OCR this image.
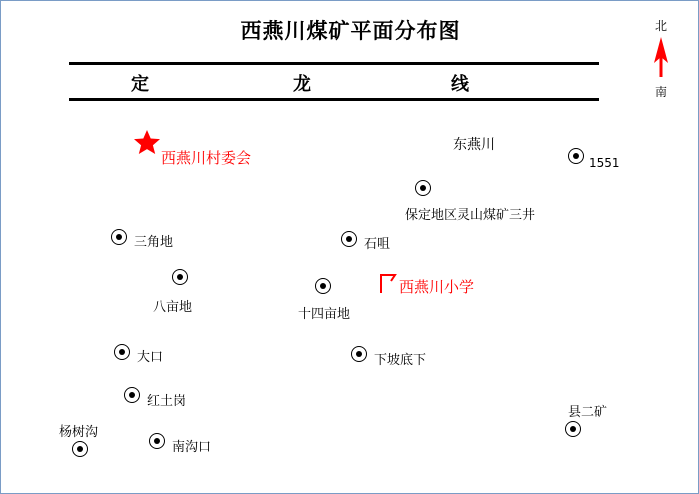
西燕川煤矿平面分布图
定	龙	线
北
南
西燕川村委会
东燕川
1551
保定地区灵山煤矿三井
三角地	石咀
八亩地	十四亩地
西燕川小学
大口	下坡底下
红土岗
县二矿
杨树沟
南沟口
